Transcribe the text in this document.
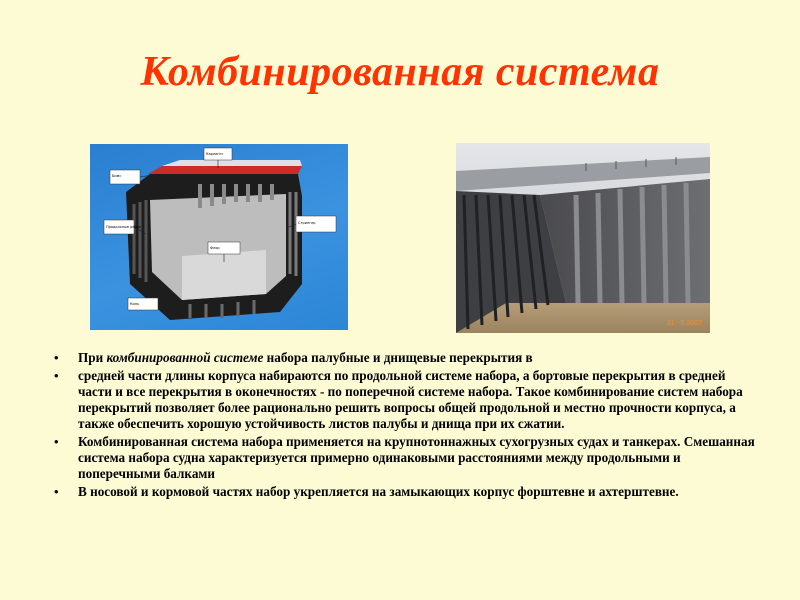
Комбинированная система
Бимс
Карлингс
Продольные ребра
Стрингер
Флор
Киль
31 - 5 2007
• При комбинированной системе набора палубные и днищевые перекрытия в
• средней части длины корпуса набираются по продольной системе набора, а бортовые перекрытия в средней части и все перекрытия в оконечностях - по поперечной системе набора. Такое комбинирование систем набора перекрытий позволяет более рационально решить вопросы общей продольной и местно прочности корпуса, а также обеспечить хорошую устойчивость листов палубы и днища при их сжатии.
• Комбинированная система набора применяется на крупнотоннажных сухогрузных судах и танкерах. Смешанная система набора судна характеризуется примерно одинаковыми расстояниями между продольными и поперечными балками
• В носовой и кормовой частях набор укрепляется на замыкающих корпус форштевне и ахтерштевне.
